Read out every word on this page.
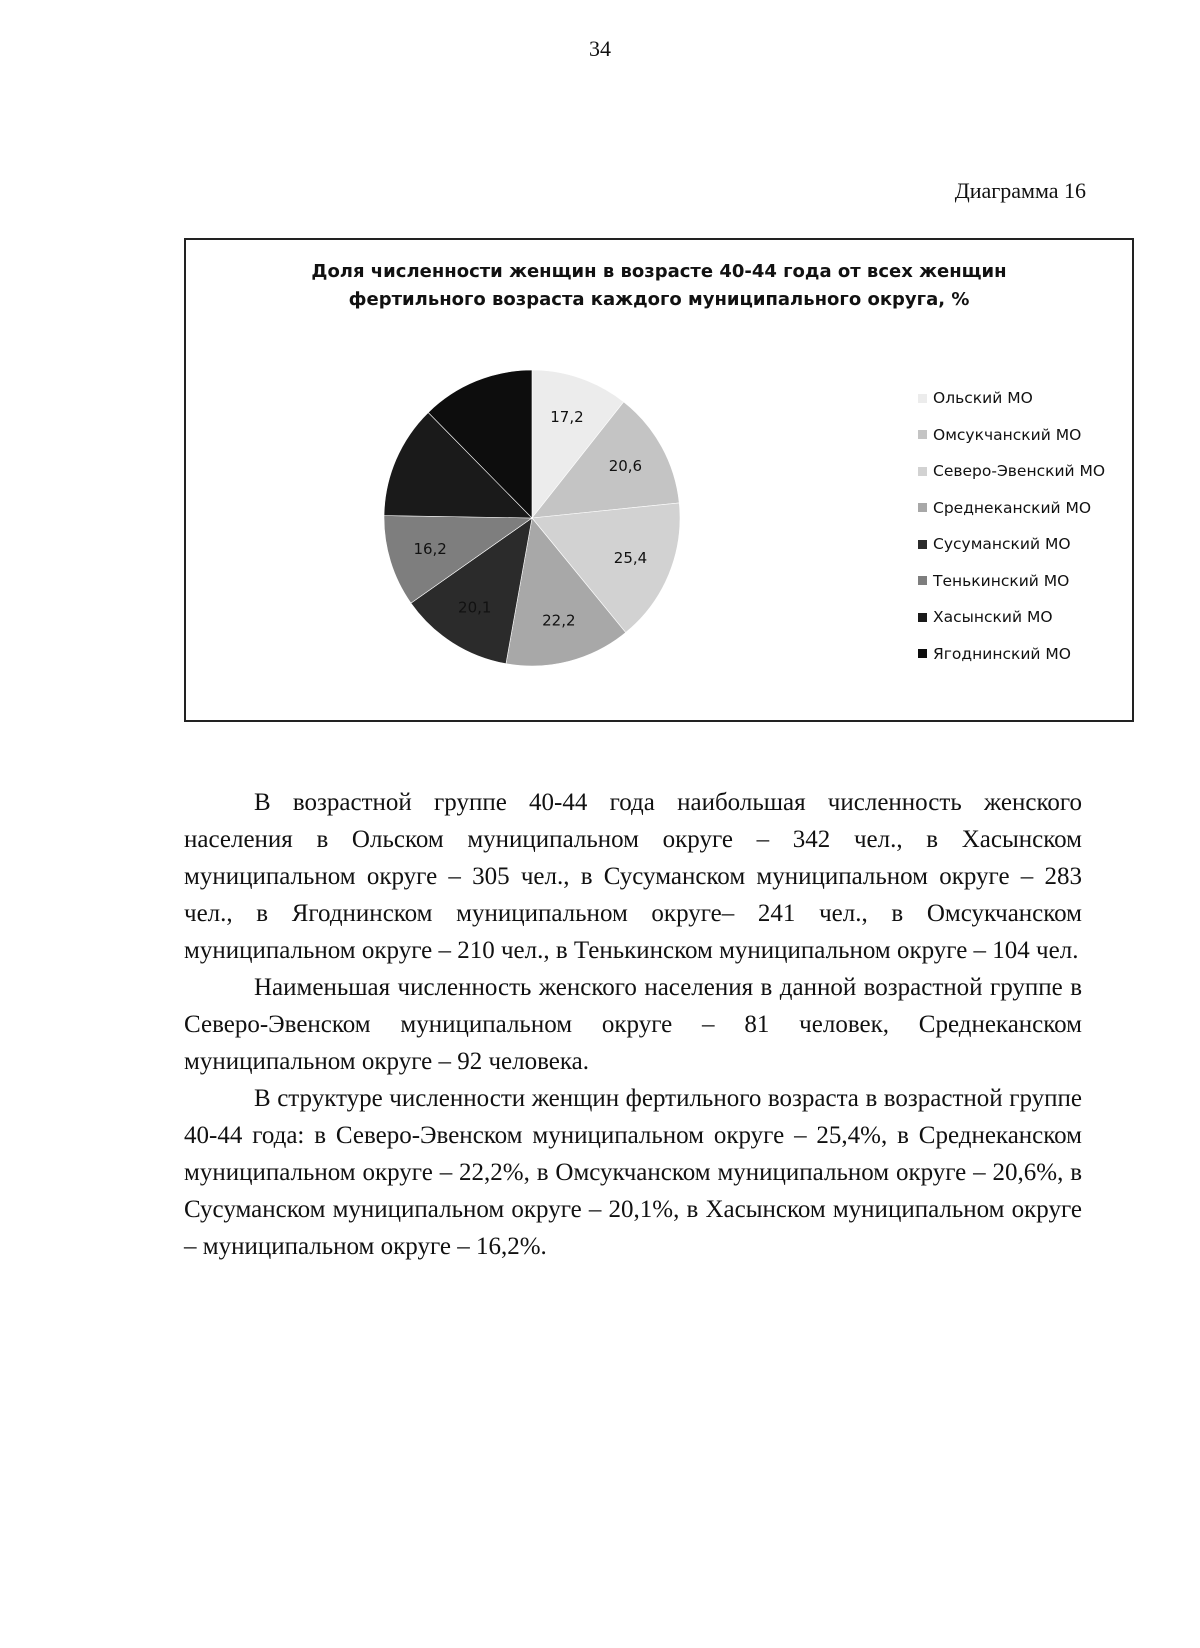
34
Диаграмма 16
Доля численности женщин в возрасте 40-44 года от всех женщин
фертильного возраста каждого муниципального округа, %
17,2
20,6
25,4
22,2
20,1
16,2
Ольский МО
Омсукчанский МО
Северо-Эвенский МО
Среднеканский МО
Сусуманский МО
Тенькинский МО
Хасынский МО
Ягоднинский МО

В возрастной группе 40-44 года наибольшая численность женского населения в Ольском муниципальном округе – 342 чел., в Хасынском муниципальном округе – 305 чел., в Сусуманском муниципальном округе – 283 чел., в Ягоднинском муниципальном округе– 241 чел., в Омсукчанском муниципальном округе – 210 чел., в Тенькинском муниципальном округе – 104 чел.

Наименьшая численность женского населения в данной возрастной группе в Северо-Эвенском муниципальном округе – 81 человек, Среднеканском муниципальном округе – 92 человека.

В структуре численности женщин фертильного возраста в возрастной группе 40-44 года: в Северо-Эвенском муниципальном округе – 25,4%, в Среднеканском муниципальном округе – 22,2%, в Омсукчанском муниципальном округе – 20,6%, в Сусуманском муниципальном округе – 20,1%, в Хасынском муниципальном округе – муниципальном округе – 16,2%.
